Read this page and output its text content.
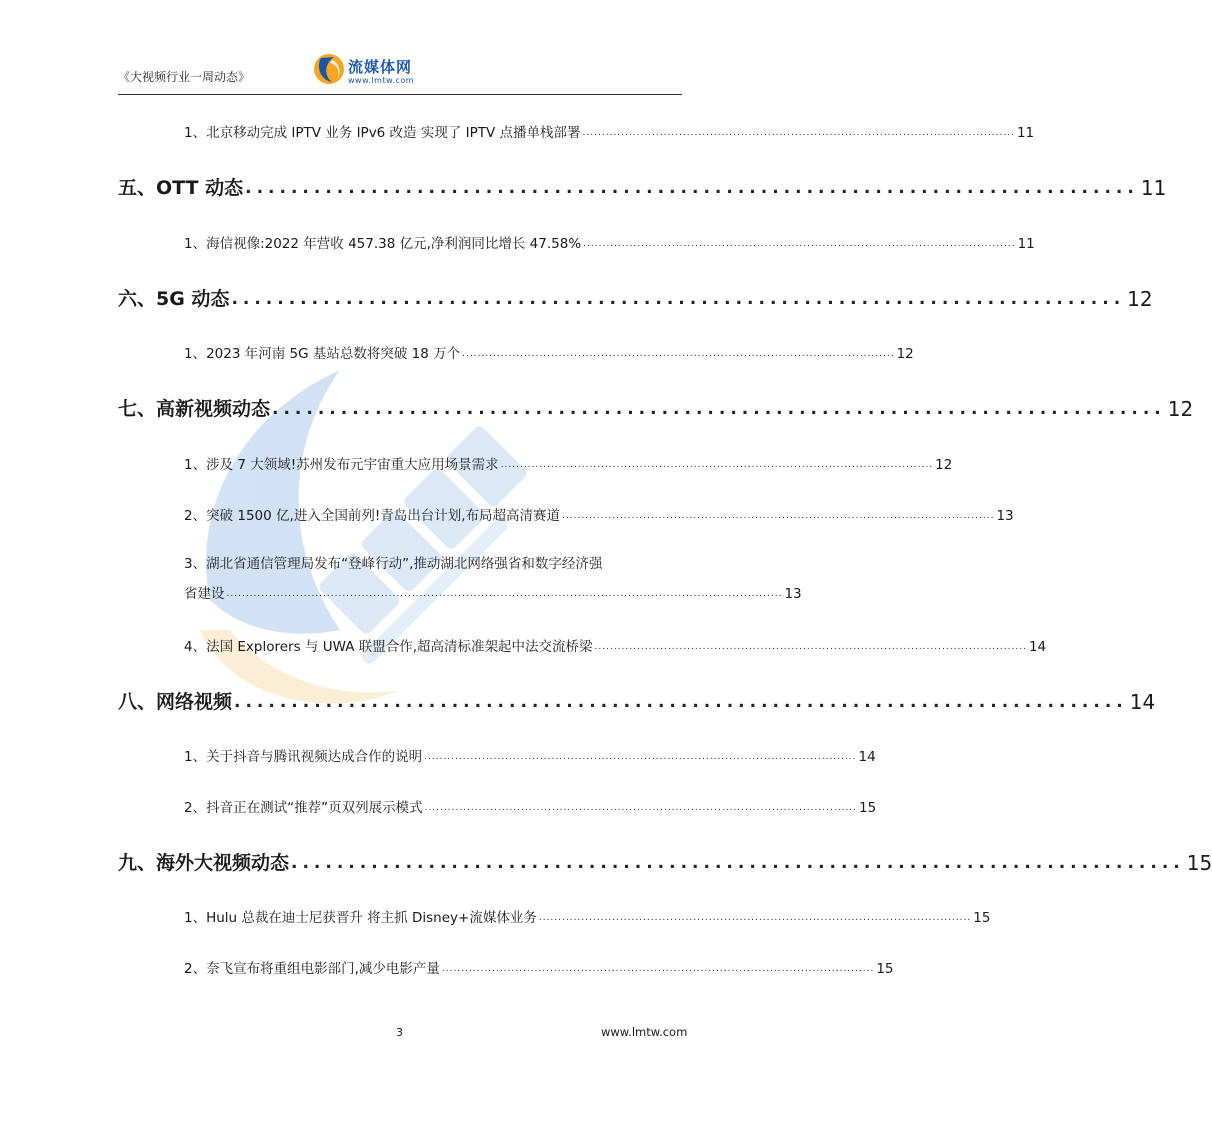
《大视频行业一周动态》
流媒体网
www.lmtw.com
1、北京移动完成 IPTV 业务 IPv6 改造 实现了 IPTV 点播单栈部署 ................................................................................................................ 11
五、OTT 动态 .............................................................................. 11
1、海信视像:2022 年营收 457.38 亿元,净利润同比增长 47.58% ................................................................................................................ 11
六、5G 动态 .............................................................................. 12
1、2023 年河南 5G 基站总数将突破 18 万个 ................................................................................................................ 12
七、高新视频动态 .............................................................................. 12
1、涉及 7 大领域!苏州发布元宇宙重大应用场景需求 ................................................................................................................ 12
2、突破 1500 亿,进入全国前列!青岛出台计划,布局超高清赛道 ................................................................................................................ 13
3、湖北省通信管理局发布“登峰行动”,推动湖北网络强省和数字经济强
省建设 ................................................................................................................................................ 13
4、法国 Explorers 与 UWA 联盟合作,超高清标准架起中法交流桥梁 ................................................................................................................ 14
八、网络视频 .............................................................................. 14
1、关于抖音与腾讯视频达成合作的说明 ................................................................................................................ 14
2、抖音正在测试“推荐”页双列展示模式 ................................................................................................................ 15
九、海外大视频动态 .............................................................................. 15
1、Hulu 总裁在迪士尼获晋升 将主抓 Disney+流媒体业务 ................................................................................................................ 15
2、奈飞宣布将重组电影部门,减少电影产量 ................................................................................................................ 15
3	www.lmtw.com
